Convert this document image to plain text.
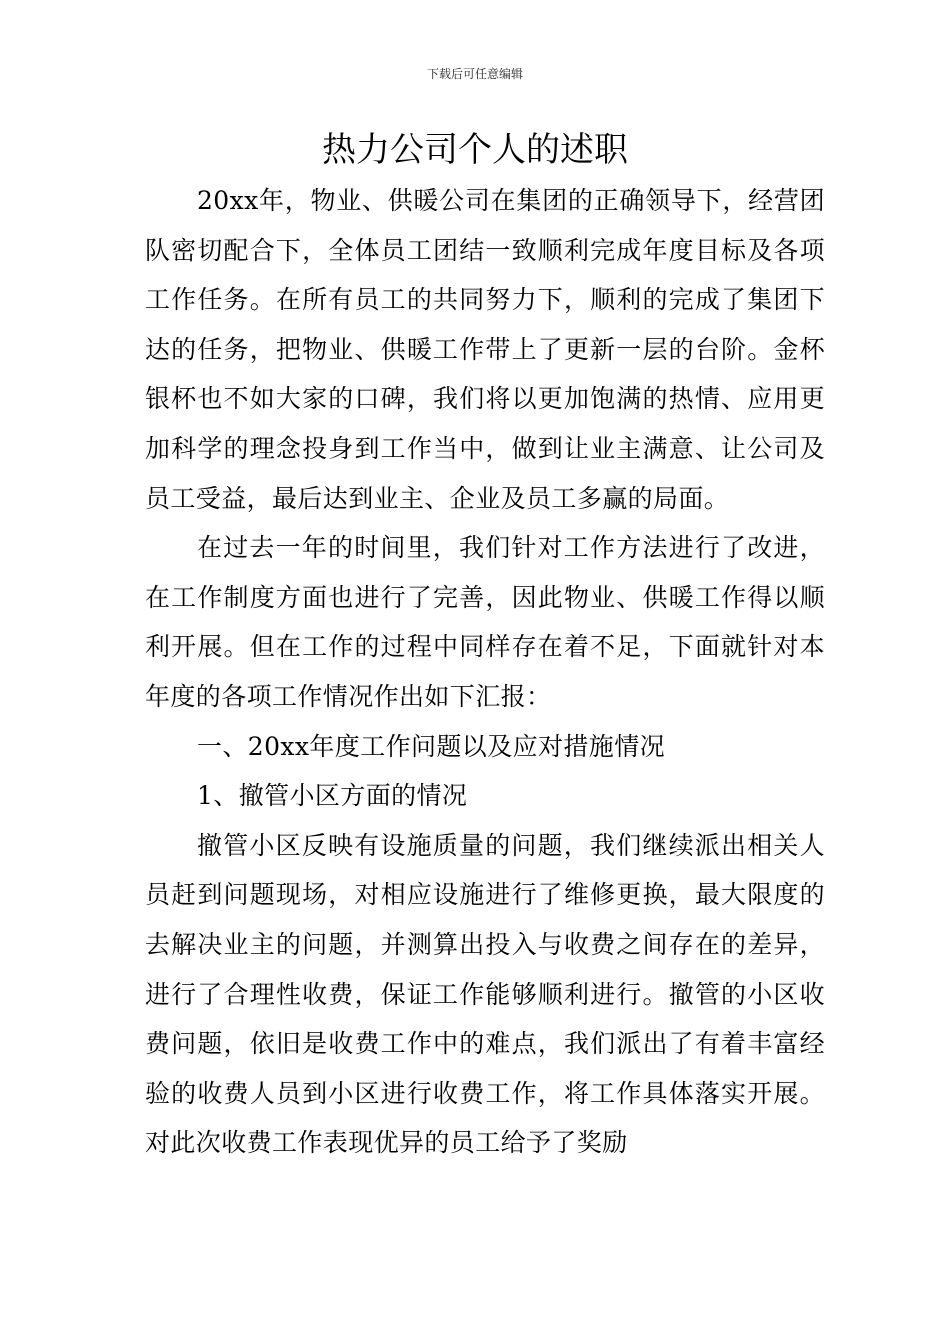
下载后可任意编辑
热力公司个人的述职

20xx年，物业、供暖公司在集团的正确领导下，经营团队密切配合下，全体员工团结一致顺利完成年度目标及各项工作任务。在所有员工的共同努力下，顺利的完成了集团下达的任务，把物业、供暖工作带上了更新一层的台阶。金杯银杯也不如大家的口碑，我们将以更加饱满的热情、应用更加科学的理念投身到工作当中，做到让业主满意、让公司及员工受益，最后达到业主、企业及员工多赢的局面。

在过去一年的时间里，我们针对工作方法进行了改进，在工作制度方面也进行了完善，因此物业、供暖工作得以顺利开展。但在工作的过程中同样存在着不足，下面就针对本年度的各项工作情况作出如下汇报：

一、20xx年度工作问题以及应对措施情况

1、撤管小区方面的情况

撤管小区反映有设施质量的问题，我们继续派出相关人员赶到问题现场，对相应设施进行了维修更换，最大限度的去解决业主的问题，并测算出投入与收费之间存在的差异，进行了合理性收费，保证工作能够顺利进行。撤管的小区收费问题，依旧是收费工作中的难点，我们派出了有着丰富经验的收费人员到小区进行收费工作，将工作具体落实开展。对此次收费工作表现优异的员工给予了奖励
